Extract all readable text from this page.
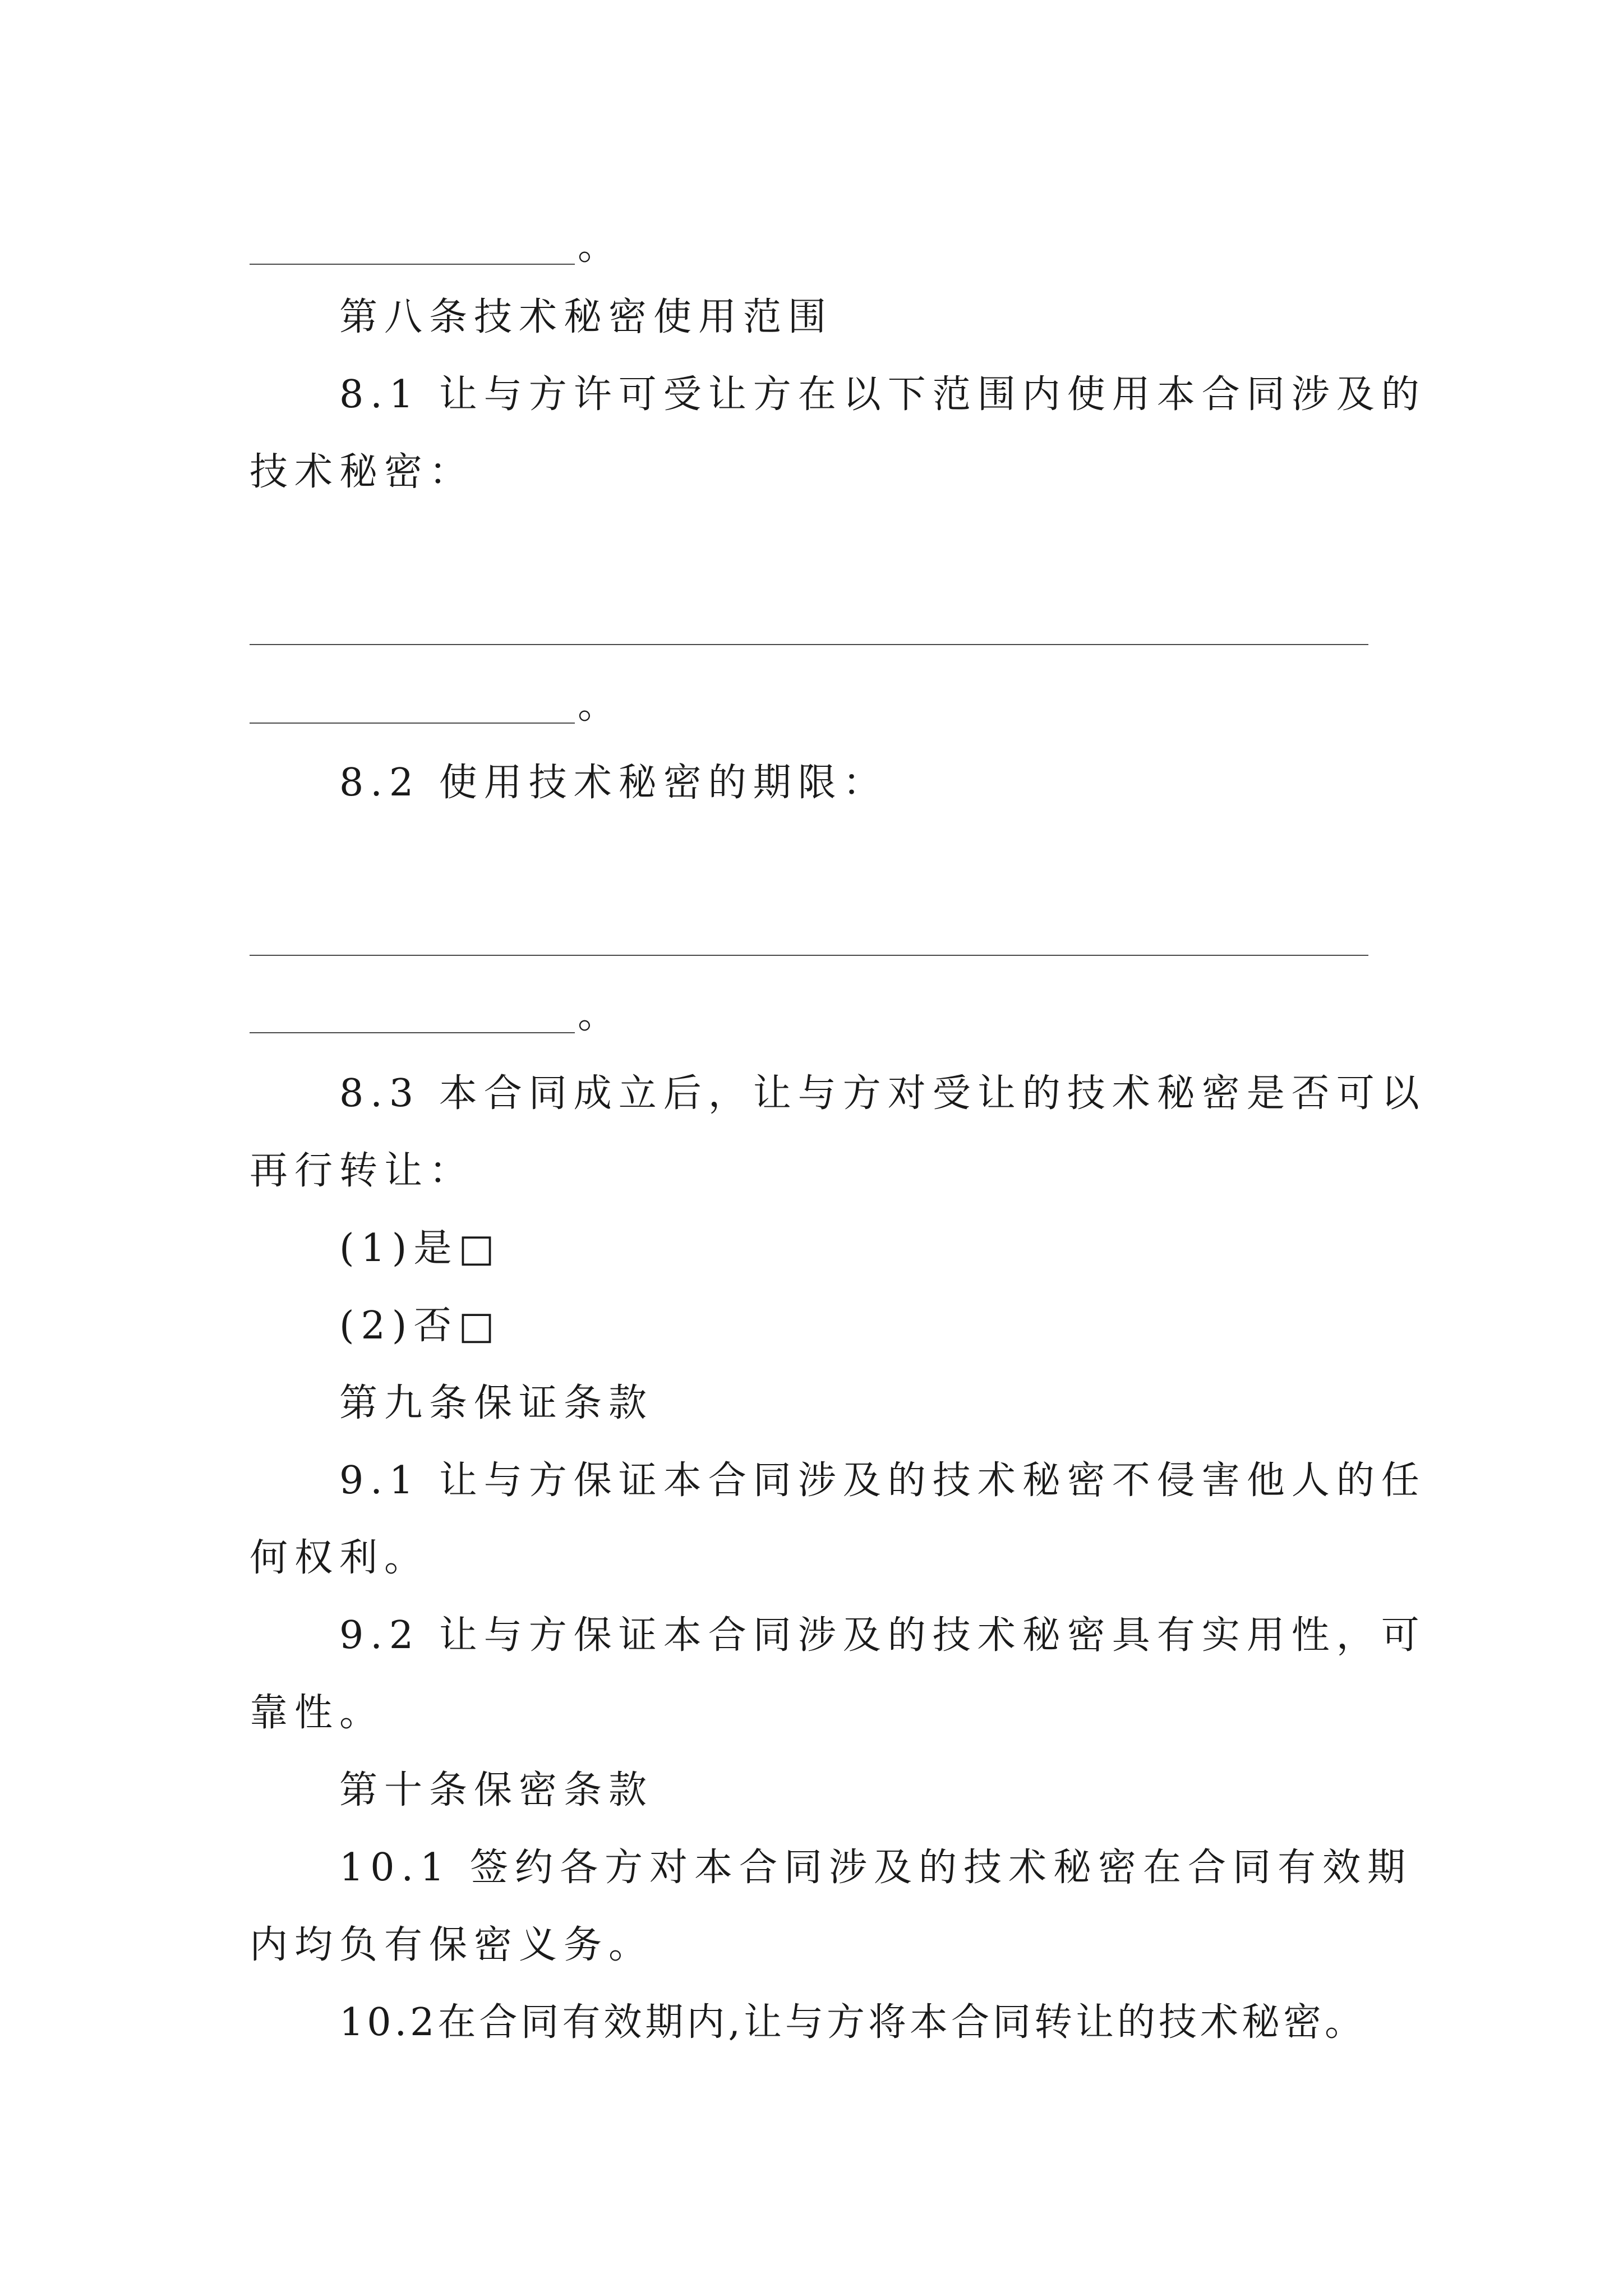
。
第八条技术秘密使用范围
8.1 让与方许可受让方在以下范围内使用本合同涉及的
技术秘密：
。
8.2 使用技术秘密的期限：
。
8.3 本合同成立后，让与方对受让的技术秘密是否可以
再行转让：
(1)是□
(2)否□
第九条保证条款
9.1 让与方保证本合同涉及的技术秘密不侵害他人的任
何权利。
9.2 让与方保证本合同涉及的技术秘密具有实用性，可
靠性。
第十条保密条款
10.1 签约各方对本合同涉及的技术秘密在合同有效期
内均负有保密义务。
10.2在合同有效期内,让与方将本合同转让的技术秘密。
